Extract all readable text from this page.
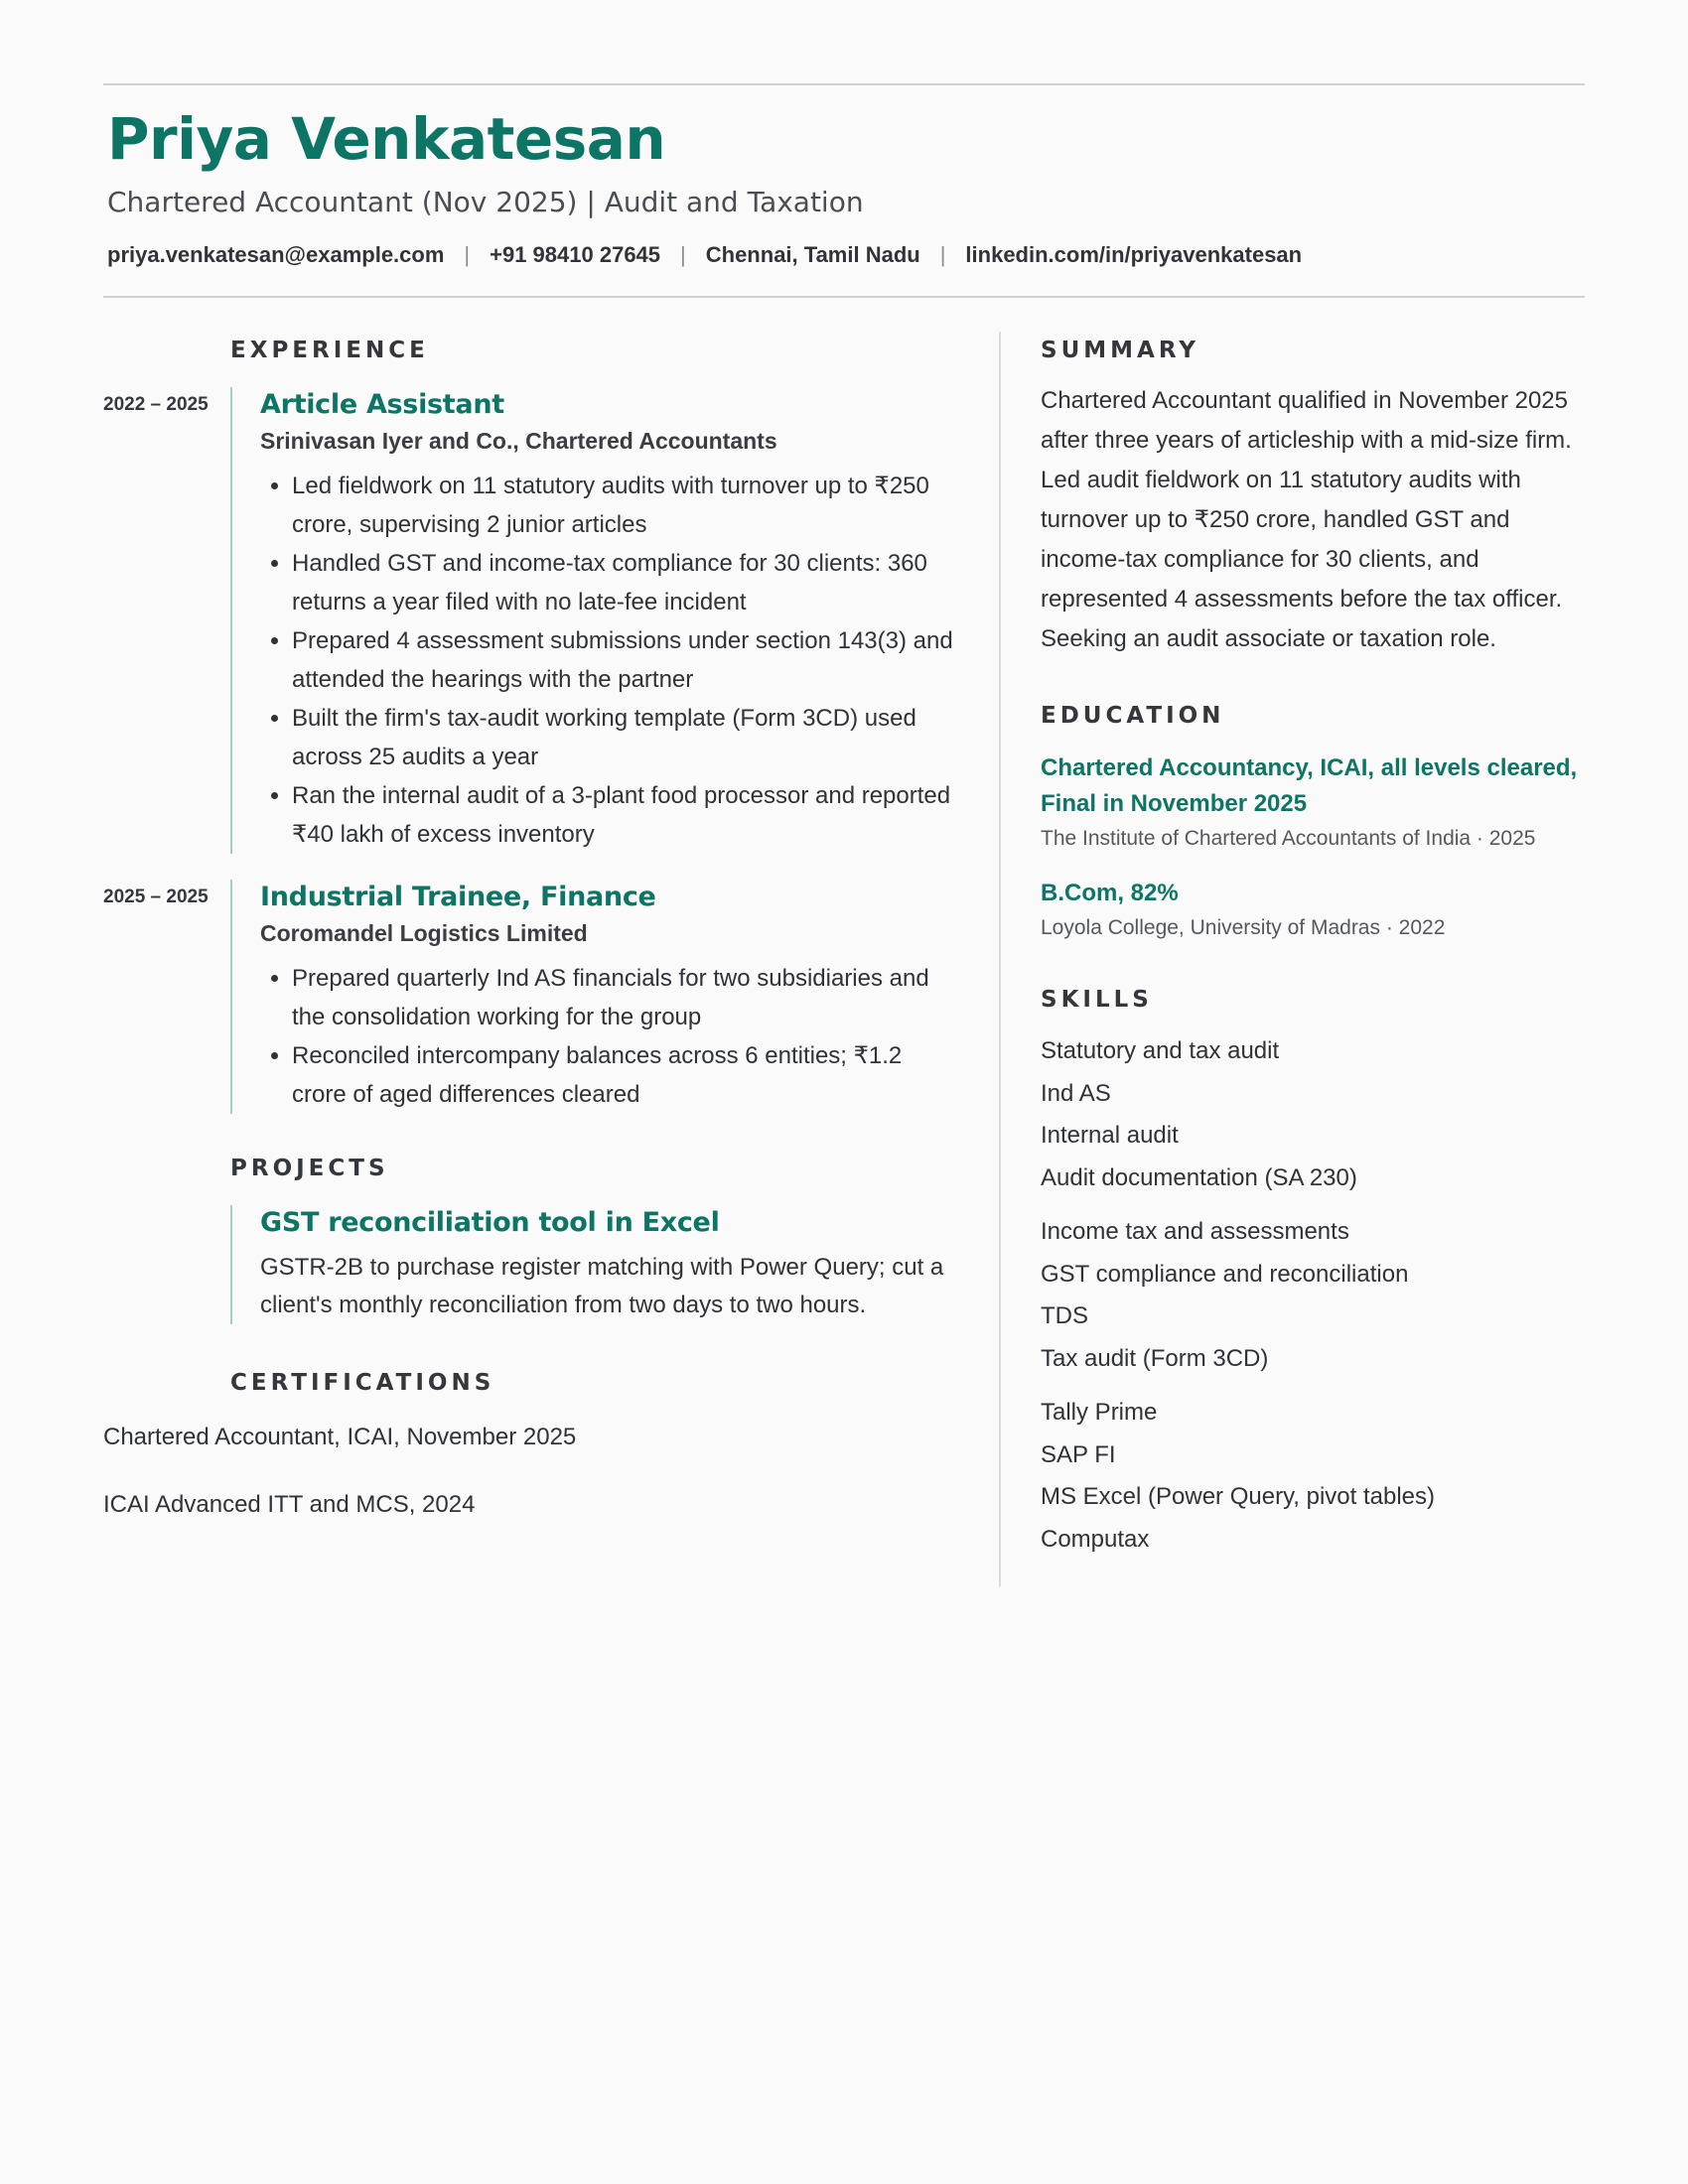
Priya Venkatesan
Chartered Accountant (Nov 2025) | Audit and Taxation
priya.venkatesan@example.com | +91 98410 27645 | Chennai, Tamil Nadu | linkedin.com/in/priyavenkatesan
EXPERIENCE
2022 – 2025	Article Assistant
Srinivasan Iyer and Co., Chartered Accountants
• Led fieldwork on 11 statutory audits with turnover up to ₹250 crore, supervising 2 junior articles
• Handled GST and income-tax compliance for 30 clients: 360 returns a year filed with no late-fee incident
• Prepared 4 assessment submissions under section 143(3) and attended the hearings with the partner
• Built the firm's tax-audit working template (Form 3CD) used across 25 audits a year
• Ran the internal audit of a 3-plant food processor and reported ₹40 lakh of excess inventory
2025 – 2025	Industrial Trainee, Finance
Coromandel Logistics Limited
• Prepared quarterly Ind AS financials for two subsidiaries and the consolidation working for the group
• Reconciled intercompany balances across 6 entities; ₹1.2 crore of aged differences cleared
PROJECTS
GST reconciliation tool in Excel
GSTR-2B to purchase register matching with Power Query; cut a client's monthly reconciliation from two days to two hours.
CERTIFICATIONS
Chartered Accountant, ICAI, November 2025
ICAI Advanced ITT and MCS, 2024
SUMMARY
Chartered Accountant qualified in November 2025 after three years of articleship with a mid-size firm. Led audit fieldwork on 11 statutory audits with turnover up to ₹250 crore, handled GST and income-tax compliance for 30 clients, and represented 4 assessments before the tax officer. Seeking an audit associate or taxation role.
EDUCATION
Chartered Accountancy, ICAI, all levels cleared, Final in November 2025
The Institute of Chartered Accountants of India · 2025
B.Com, 82%
Loyola College, University of Madras · 2022
SKILLS
Statutory and tax audit
Ind AS
Internal audit
Audit documentation (SA 230)
Income tax and assessments
GST compliance and reconciliation
TDS
Tax audit (Form 3CD)
Tally Prime
SAP FI
MS Excel (Power Query, pivot tables)
Computax
